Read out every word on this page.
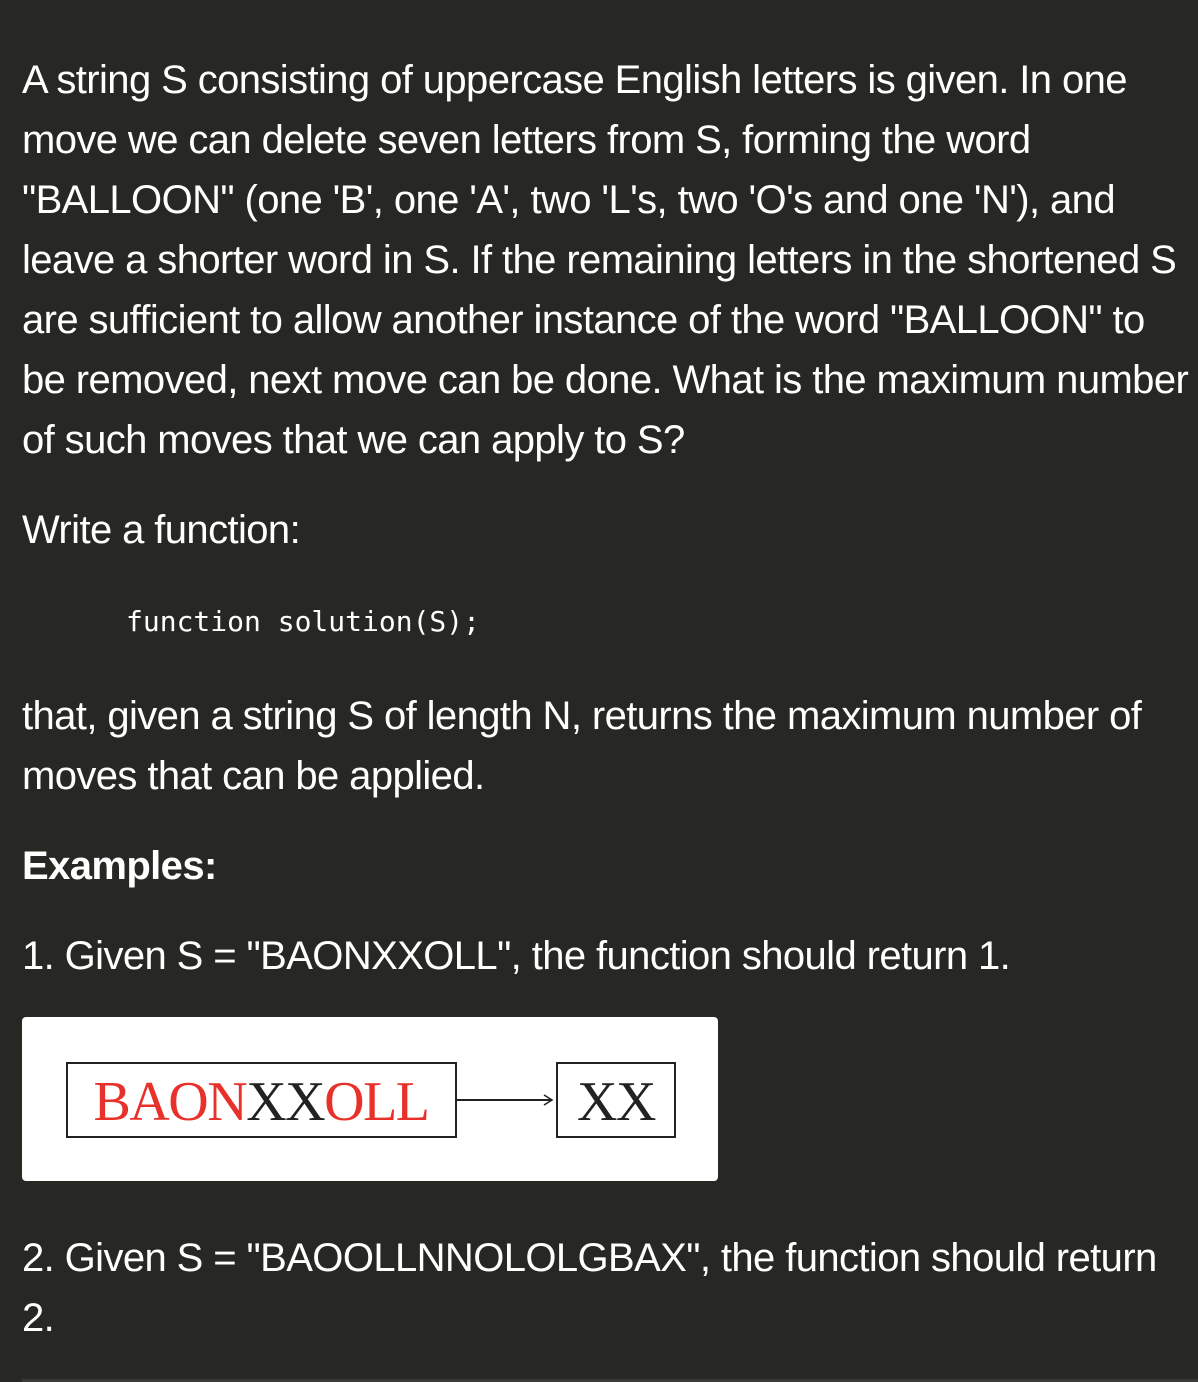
A string S consisting of uppercase English letters is given. In one move we can delete seven letters from S, forming the word "BALLOON" (one 'B', one 'A', two 'L's, two 'O's and one 'N'), and leave a shorter word in S. If the remaining letters in the shortened S are sufficient to allow another instance of the word "BALLOON" to be removed, next move can be done. What is the maximum number of such moves that we can apply to S?

Write a function:

function solution(S);

that, given a string S of length N, returns the maximum number of moves that can be applied.

Examples:

1. Given S = "BAONXXOLL", the function should return 1.

BAONXXOLL	XX

2. Given S = "BAOOLLNNOLOLGBAX", the function should return 2.
